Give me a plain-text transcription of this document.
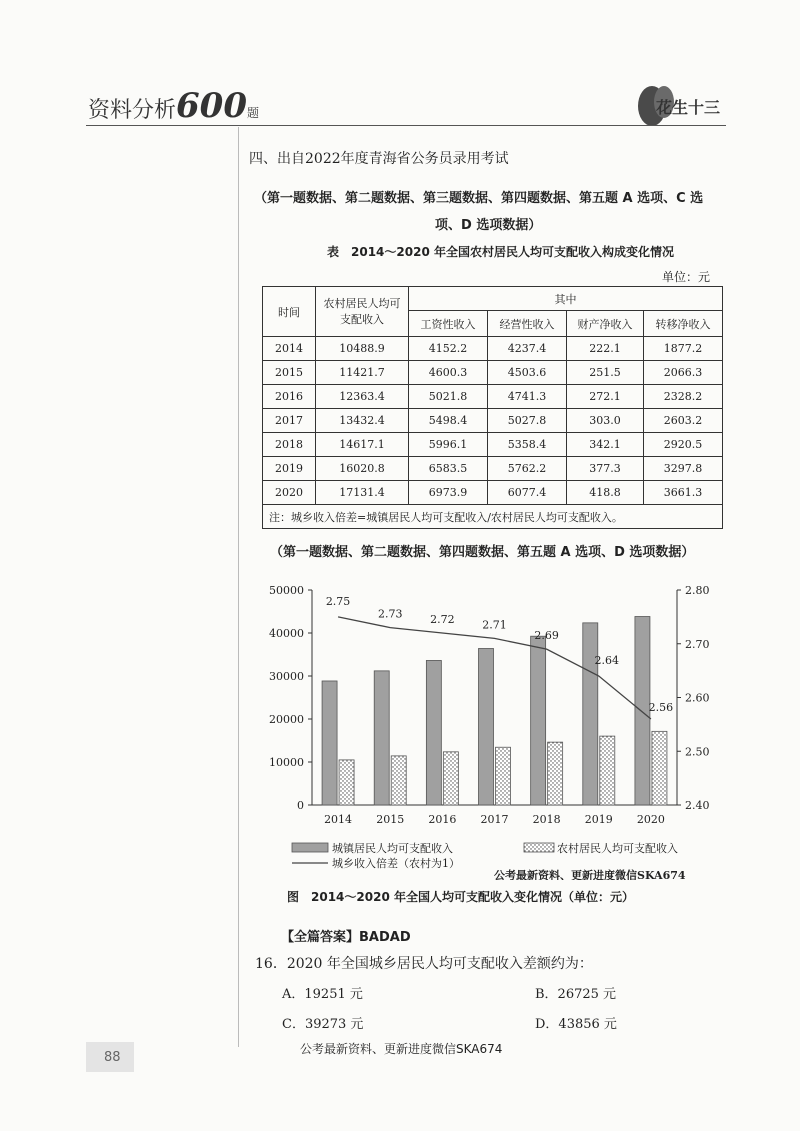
资料分析600题	花生十三
四、出自2022年度青海省公务员录用考试
（第一题数据、第二题数据、第三题数据、第四题数据、第五题 A 选项、C 选
项、D 选项数据）
表　2014～2020 年全国农村居民人均可支配收入构成变化情况
单位：元
时间	农村居民人均可支配收入	其中			
		工资性收入	经营性收入	财产净收入	转移净收入
2014	10488.9	4152.2	4237.4	222.1	1877.2
2015	11421.7	4600.3	4503.6	251.5	2066.3
2016	12363.4	5021.8	4741.3	272.1	2328.2
2017	13432.4	5498.4	5027.8	303.0	2603.2
2018	14617.1	5996.1	5358.4	342.1	2920.5
2019	16020.8	6583.5	5762.2	377.3	3297.8
2020	17131.4	6973.9	6077.4	418.8	3661.3
注：城乡收入倍差=城镇居民人均可支配收入/农村居民人均可支配收入。					
（第一题数据、第二题数据、第四题数据、第五题 A 选项、D 选项数据）
0
10000
20000
30000
40000
50000
2.40
2.50
2.60
2.70
2.80
2014 2015 2016 2017 2018 2019 2020
2.75
2.73	2.72	2.71
2.69
2.64
2.56
城镇居民人均可支配收入	农村居民人均可支配收入
城乡收入倍差（农村为1）
公考最新资料、更新进度微信SKA674
图　2014～2020 年全国人均可支配收入变化情况（单位：元）
【全篇答案】BADAD
16．2020 年全国城乡居民人均可支配收入差额约为：
A．19251 元	B．26725 元
C．39273 元	D．43856 元
公考最新资料、更新进度微信SKA674
88
